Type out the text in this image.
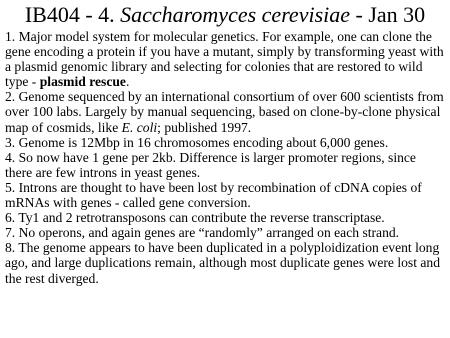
IB404 - 4. Saccharomyces cerevisiae - Jan 30

1. Major model system for molecular genetics. For example, one can clone the gene encoding a protein if you have a mutant, simply by transforming yeast with a plasmid genomic library and selecting for colonies that are restored to wild type - plasmid rescue.

2. Genome sequenced by an international consortium of over 600 scientists from over 100 labs. Largely by manual sequencing, based on clone-by-clone physical map of cosmids, like E. coli; published 1997.

3. Genome is 12Mbp in 16 chromosomes encoding about 6,000 genes.

4. So now have 1 gene per 2kb. Difference is larger promoter regions, since there are few introns in yeast genes.

5. Introns are thought to have been lost by recombination of cDNA copies of mRNAs with genes - called gene conversion.

6. Ty1 and 2 retrotransposons can contribute the reverse transcriptase.

7. No operons, and again genes are “randomly” arranged on each strand.

8. The genome appears to have been duplicated in a polyploidization event long ago, and large duplications remain, although most duplicate genes were lost and the rest diverged.
